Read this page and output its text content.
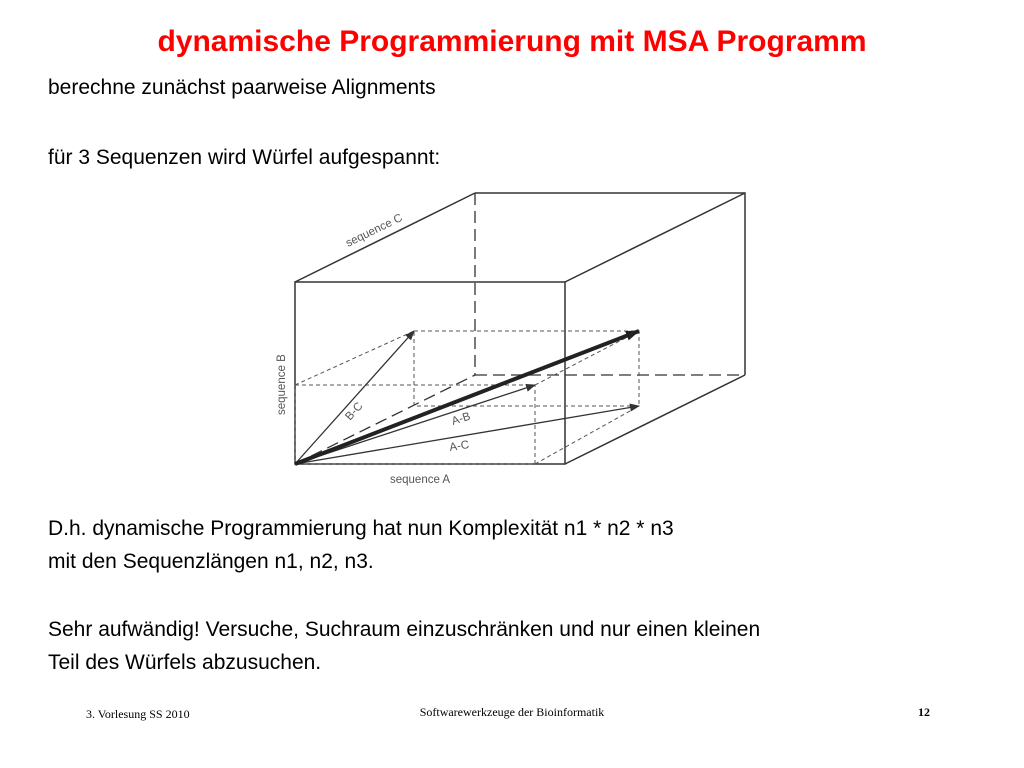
dynamische Programmierung mit MSA Programm
berechne zunächst paarweise Alignments
für 3 Sequenzen wird Würfel aufgespannt:
sequence C
sequence B
sequence A
B-C	A-B
A-C
D.h. dynamische Programmierung hat nun Komplexität n1 * n2 * n3
mit den Sequenzlängen n1, n2, n3.
Sehr aufwändig! Versuche, Suchraum einzuschränken und nur einen kleinen
Teil des Würfels abzusuchen.
3. Vorlesung SS 2010	Softwarewerkzeuge der Bioinformatik	12
